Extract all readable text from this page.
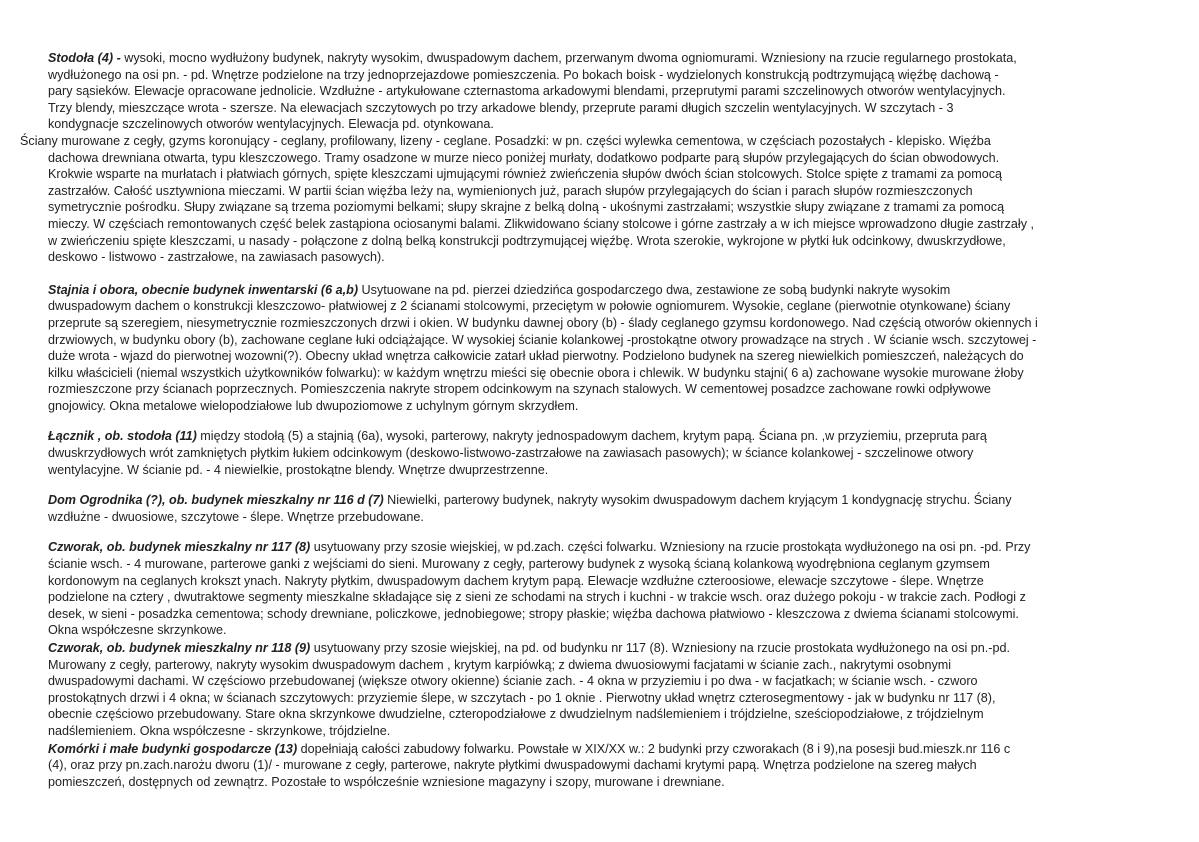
Stodoła (4) - wysoki, mocno wydłużony budynek, nakryty wysokim, dwuspadowym dachem, przerwanym dwoma ogniomurami. Wzniesiony na rzucie regularnego prostokata,
wydłużonego na osi pn. - pd. Wnętrze podzielone na trzy jednoprzejazdowe pomieszczenia. Po bokach boisk - wydzielonych konstrukcją podtrzymującą więźbę dachową -
pary sąsieków. Elewacje opracowane jednolicie. Wzdłużne - artykułowane czternastoma arkadowymi blendami, przeprutymi parami szczelinowych otworów wentylacyjnych.
Trzy blendy, mieszczące wrota - szersze. Na elewacjach szczytowych po trzy arkadowe blendy, przeprute parami długich szczelin wentylacyjnych. W szczytach - 3
kondygnacje szczelinowych otworów wentylacyjnych. Elewacja pd. otynkowana.
Ściany murowane z cegły, gzyms koronujący - ceglany, profilowany, lizeny - ceglane. Posadzki: w pn. części wylewka cementowa, w częściach pozostałych - klepisko. Więźba
dachowa drewniana otwarta, typu kleszczowego. Tramy osadzone w murze nieco poniżej murłaty, dodatkowo podparte parą słupów przylegających do ścian obwodowych.
Krokwie wsparte na murłatach i płatwiach górnych, spięte kleszczami ujmującymi również zwieńczenia słupów dwóch ścian stolcowych. Stolce spięte z tramami za pomocą
zastrzałów. Całość usztywniona mieczami. W partii ścian więźba leży na, wymienionych już, parach słupów przylegających do ścian i parach słupów rozmieszczonych
symetrycznie pośrodku. Słupy związane są trzema poziomymi belkami; słupy skrajne z belką dolną - ukośnymi zastrzałami; wszystkie słupy związane z tramami za pomocą
mieczy. W częściach remontowanych część belek zastąpiona ociosanymi balami. Zlikwidowano ściany stolcowe i górne zastrzały a w ich miejsce wprowadzono długie zastrzały ,
w zwieńczeniu spięte kleszczami, u nasady - połączone z dolną belką konstrukcji podtrzymującej więźbę. Wrota szerokie, wykrojone w płytki łuk odcinkowy, dwuskrzydłowe,
deskowo - listwowo - zastrzałowe, na zawiasach pasowych).
Stajnia i obora, obecnie budynek inwentarski (6 a,b) Usytuowane na pd. pierzei dziedzińca gospodarczego dwa, zestawione ze sobą budynki nakryte wysokim
dwuspadowym dachem o konstrukcji kleszczowo- płatwiowej z 2 ścianami stolcowymi, przeciętym w połowie ogniomurem. Wysokie, ceglane (pierwotnie otynkowane) ściany
przeprute są szeregiem, niesymetrycznie rozmieszczonych drzwi i okien. W budynku dawnej obory (b) - ślady ceglanego gzymsu kordonowego. Nad częścią otworów okiennych i
drzwiowych, w budynku obory (b), zachowane ceglane łuki odciążające. W wysokiej ścianie kolankowej -prostokątne otwory prowadzące na strych . W ścianie wsch. szczytowej -
duże wrota - wjazd do pierwotnej wozowni(?). Obecny układ wnętrza całkowicie zatarł układ pierwotny. Podzielono budynek na szereg niewielkich pomieszczeń, należących do
kilku właścicieli (niemal wszystkich użytkowników folwarku): w każdym wnętrzu mieści się obecnie obora i chlewik. W budynku stajni( 6 a) zachowane wysokie murowane żłoby
rozmieszczone przy ścianach poprzecznych. Pomieszczenia nakryte stropem odcinkowym na szynach stalowych. W cementowej posadzce zachowane rowki odpływowe
gnojowicy. Okna metalowe wielopodziałowe lub dwupoziomowe z uchylnym górnym skrzydłem.
Łącznik , ob. stodoła (11) między stodołą (5) a stajnią (6a), wysoki, parterowy, nakryty jednospadowym dachem, krytym papą. Ściana pn. ,w przyziemiu, przeprutа parą
dwuskrzydłowych wrót zamkniętych płytkim łukiem odcinkowym (deskowo-listwowo-zastrzałowe na zawiasach pasowych); w ściance kolankowej - szczelinowe otwory
wentylacyjne. W ścianie pd. - 4 niewielkie, prostokątne blendy. Wnętrze dwuprzestrzenne.
Dom Ogrodnika (?), ob. budynek mieszkalny nr 116 d (7) Niewielki, parterowy budynek, nakryty wysokim dwuspadowym dachem kryjącym 1 kondygnację strychu. Ściany
wzdłużne - dwuosiowe, szczytowe - ślepe. Wnętrze przebudowane.
Czworak, ob. budynek mieszkalny nr 117 (8) usytuowany przy szosie wiejskiej, w pd.zach. części folwarku. Wzniesiony na rzucie prostokąta wydłużonego na osi pn. -pd. Przy
ścianie wsch. - 4 murowane, parterowe ganki z wejściami do sieni. Murowany z cegły, parterowy budynek z wysoką ścianą kolankową wyodrębniona ceglanym gzymsem
kordonowym na ceglanych krokszt ynach. Nakryty płytkim, dwuspadowym dachem krytym papą. Elewacje wzdłużne czteroosiowe, elewacje szczytowe - ślepe. Wnętrze
podzielone na cztery , dwutraktowe segmenty mieszkalne składające się z sieni ze schodami na strych i kuchni - w trakcie wsch. oraz dużego pokoju - w trakcie zach. Podłogi z
desek, w sieni - posadzka cementowa; schody drewniane, policzkowe, jednobiegowe; stropy płaskie; więźba dachowa płatwiowo - kleszczowa z dwiema ścianami stolcowymi.
Okna współczesne skrzynkowe.
Czworak, ob. budynek mieszkalny nr 118 (9) usytuowany przy szosie wiejskiej, na pd. od budynku nr 117 (8). Wzniesiony na rzucie prostokata wydłużonego na osi pn.-pd.
Murowany z cegły, parterowy, nakryty wysokim dwuspadowym dachem , krytym karpiówką; z dwiema dwuosiowymi facjatami w ścianie zach., nakrytymi osobnymi
dwuspadowymi dachami. W częściowo przebudowanej (większe otwory okienne) ścianie zach. - 4 okna w przyziemiu i po dwa - w facjatkach; w ścianie wsch. - czworo
prostokątnych drzwi i 4 okna; w ścianach szczytowych: przyziemie ślepe, w szczytach - po 1 oknie . Pierwotny układ wnętrz czterosegmentowy - jak w budynku nr 117 (8),
obecnie częściowo przebudowany. Stare okna skrzynkowe dwudzielne, czteropodziałowe z dwudzielnym nadślemieniem i trójdzielne, sześciopodziałowe, z trójdzielnym
nadślemieniem. Okna współczesne - skrzynkowe, trójdzielne.
Komórki i małe budynki gospodarcze (13) dopełniają całości zabudowy folwarku. Powstałe w XIX/XX w.: 2 budynki przy czworakach (8 i 9),na posesji bud.mieszk.nr 116 c
(4), oraz przy pn.zach.narożu dworu (1)/ - murowane z cegły, parterowe, nakryte płytkimi dwuspadowymi dachami krytymi papą. Wnętrza podzielone na szereg małych
pomieszczeń, dostępnych od zewnątrz. Pozostałe to współcześnie wzniesione magazyny i szopy, murowane i drewniane.
